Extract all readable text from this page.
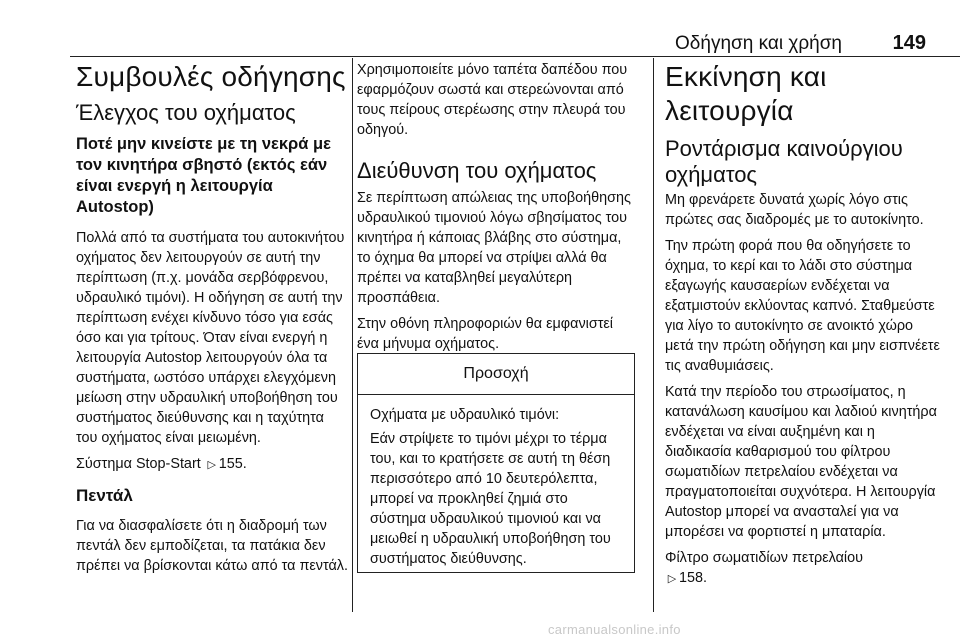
Οδήγηση και χρήση	149
Συμβουλές οδήγησης
Έλεγχος του οχήματος
Ποτέ μην κινείστε με τη νεκρά με τον κινητήρα σβηστό (εκτός εάν είναι ενεργή η λειτουργία Autostop)

Πολλά από τα συστήματα του αυτοκινήτου οχήματος δεν λειτουργούν σε αυτή την περίπτωση (π.χ. μονάδα σερβόφρενου, υδραυλικό τιμόνι). Η οδήγηση σε αυτή την περίπτωση ενέχει κίνδυνο τόσο για εσάς όσο και για τρίτους. Όταν είναι ενεργή η λειτουργία Autostop λειτουργούν όλα τα συστήματα, ωστόσο υπάρχει ελεγχόμενη μείωση στην υδραυλική υποβοήθηση του συστήματος διεύθυνσης και η ταχύτητα του οχήματος είναι μειωμένη.

Σύστημα Stop-Start ▷ 155.

Πεντάλ

Για να διασφαλίσετε ότι η διαδρομή των πεντάλ δεν εμποδίζεται, τα πατάκια δεν πρέπει να βρίσκονται κάτω από τα πεντάλ.

Χρησιμοποιείτε μόνο ταπέτα δαπέδου που εφαρμόζουν σωστά και στερεώνονται από τους πείρους στερέωσης στην πλευρά του οδηγού.

Διεύθυνση του οχήματος

Σε περίπτωση απώλειας της υποβοήθησης υδραυλικού τιμονιού λόγω σβησίματος του κινητήρα ή κάποιας βλάβης στο σύστημα, το όχημα θα μπορεί να στρίψει αλλά θα πρέπει να καταβληθεί μεγαλύτερη προσπάθεια.

Στην οθόνη πληροφοριών θα εμφανιστεί ένα μήνυμα οχήματος.

Προσοχή

Οχήματα με υδραυλικό τιμόνι:

Εάν στρίψετε το τιμόνι μέχρι το τέρμα του, και το κρατήσετε σε αυτή τη θέση περισσότερο από 10 δευτερόλεπτα, μπορεί να προκληθεί ζημιά στο σύστημα υδραυλικού τιμονιού και να μειωθεί η υδραυλική υποβοήθηση του συστήματος διεύθυνσης.

Εκκίνηση και λειτουργία
Ροντάρισμα καινούργιου οχήματος

Μη φρενάρετε δυνατά χωρίς λόγο στις πρώτες σας διαδρομές με το αυτοκίνητο.

Την πρώτη φορά που θα οδηγήσετε το όχημα, το κερί και το λάδι στο σύστημα εξαγωγής καυσαερίων ενδέχεται να εξατμιστούν εκλύοντας καπνό. Σταθμεύστε για λίγο το αυτοκίνητο σε ανοικτό χώρο μετά την πρώτη οδήγηση και μην εισπνέετε τις αναθυμιάσεις.

Κατά την περίοδο του στρωσίματος, η κατανάλωση καυσίμου και λαδιού κινητήρα ενδέχεται να είναι αυξημένη και η διαδικασία καθαρισμού του φίλτρου σωματιδίων πετρελαίου ενδέχεται να πραγματοποιείται συχνότερα. Η λειτουργία Autostop μπορεί να ανασταλεί για να μπορέσει να φορτιστεί η μπαταρία.

Φίλτρο σωματιδίων πετρελαίου
▷ 158.

carmanualsonline.info
